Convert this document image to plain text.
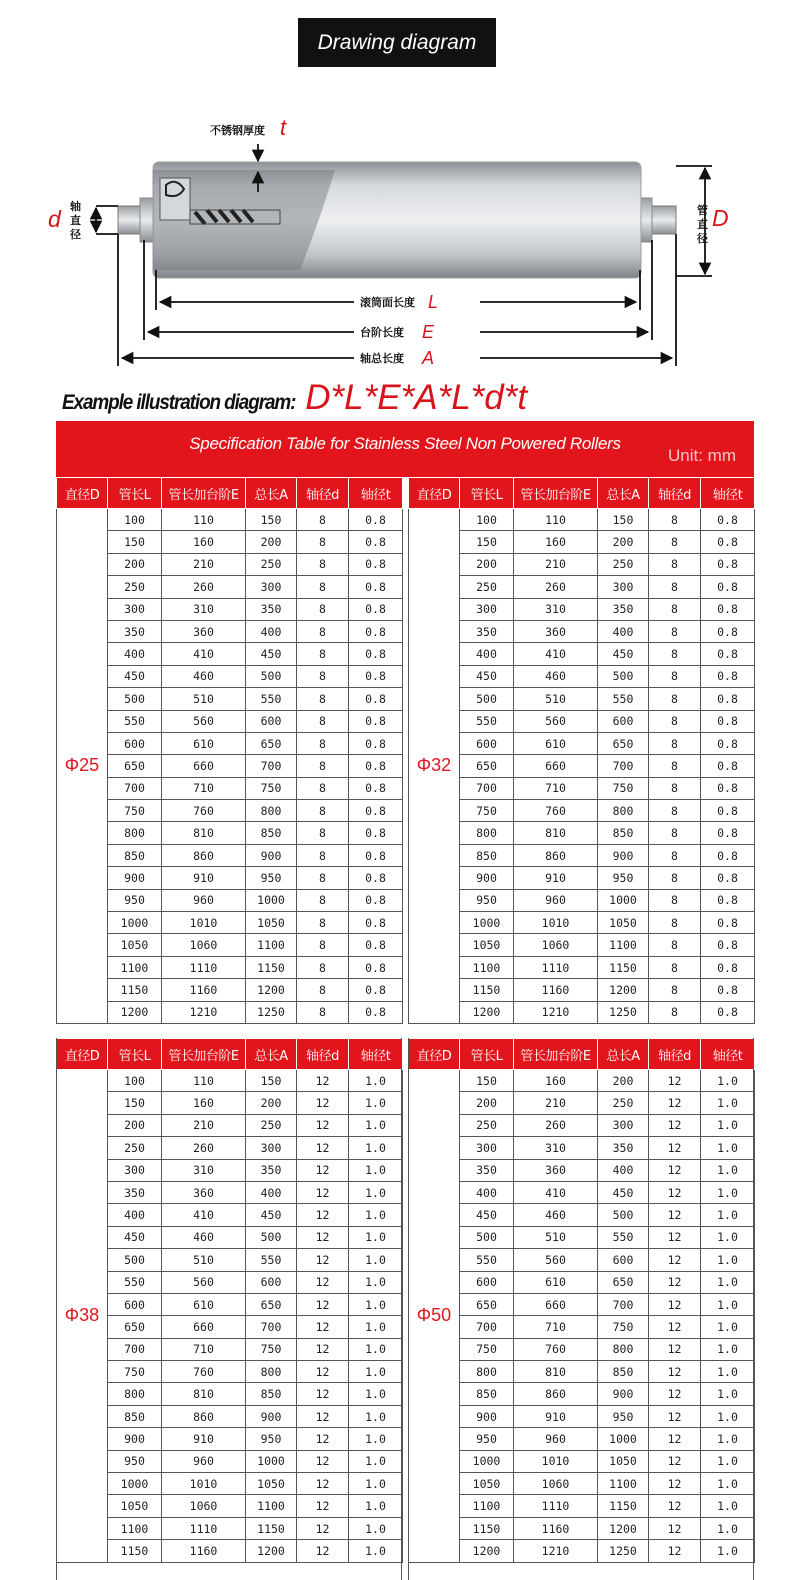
Drawing diagram
不锈钢厚度 t
d 轴
直
径
管
直
径
D
滚筒面长度 L
台阶长度 E
轴总长度 A
Example illustration diagram: D*L*E*A*L*d*t
Specification Table for Stainless Steel Non Powered Rollers
Unit: mm
直径D	管长L	管长加台阶E	总长A	轴径d	轴径t
Φ25	100	110	150	8	0.8
	150	160	200	8	0.8
	200	210	250	8	0.8
	250	260	300	8	0.8
	300	310	350	8	0.8
	350	360	400	8	0.8
	400	410	450	8	0.8
	450	460	500	8	0.8
	500	510	550	8	0.8
	550	560	600	8	0.8
	600	610	650	8	0.8
	650	660	700	8	0.8
	700	710	750	8	0.8
	750	760	800	8	0.8
	800	810	850	8	0.8
	850	860	900	8	0.8
	900	910	950	8	0.8
	950	960	1000	8	0.8
	1000	1010	1050	8	0.8
	1050	1060	1100	8	0.8
	1100	1110	1150	8	0.8
	1150	1160	1200	8	0.8
	1200	1210	1250	8	0.8
直径D	管长L	管长加台阶E	总长A	轴径d	轴径t
Φ32	100	110	150	8	0.8
	150	160	200	8	0.8
	200	210	250	8	0.8
	250	260	300	8	0.8
	300	310	350	8	0.8
	350	360	400	8	0.8
	400	410	450	8	0.8
	450	460	500	8	0.8
	500	510	550	8	0.8
	550	560	600	8	0.8
	600	610	650	8	0.8
	650	660	700	8	0.8
	700	710	750	8	0.8
	750	760	800	8	0.8
	800	810	850	8	0.8
	850	860	900	8	0.8
	900	910	950	8	0.8
	950	960	1000	8	0.8
	1000	1010	1050	8	0.8
	1050	1060	1100	8	0.8
	1100	1110	1150	8	0.8
	1150	1160	1200	8	0.8
	1200	1210	1250	8	0.8
直径D	管长L	管长加台阶E	总长A	轴径d	轴径t
Φ38	100	110	150	12	1.0
	150	160	200	12	1.0
	200	210	250	12	1.0
	250	260	300	12	1.0
	300	310	350	12	1.0
	350	360	400	12	1.0
	400	410	450	12	1.0
	450	460	500	12	1.0
	500	510	550	12	1.0
	550	560	600	12	1.0
	600	610	650	12	1.0
	650	660	700	12	1.0
	700	710	750	12	1.0
	750	760	800	12	1.0
	800	810	850	12	1.0
	850	860	900	12	1.0
	900	910	950	12	1.0
	950	960	1000	12	1.0
	1000	1010	1050	12	1.0
	1050	1060	1100	12	1.0
	1100	1110	1150	12	1.0
	1150	1160	1200	12	1.0
直径D	管长L	管长加台阶E	总长A	轴径d	轴径t
Φ50	150	160	200	12	1.0
	200	210	250	12	1.0
	250	260	300	12	1.0
	300	310	350	12	1.0
	350	360	400	12	1.0
	400	410	450	12	1.0
	450	460	500	12	1.0
	500	510	550	12	1.0
	550	560	600	12	1.0
	600	610	650	12	1.0
	650	660	700	12	1.0
	700	710	750	12	1.0
	750	760	800	12	1.0
	800	810	850	12	1.0
	850	860	900	12	1.0
	900	910	950	12	1.0
	950	960	1000	12	1.0
	1000	1010	1050	12	1.0
	1050	1060	1100	12	1.0
	1100	1110	1150	12	1.0
	1150	1160	1200	12	1.0
	1200	1210	1250	12	1.0
